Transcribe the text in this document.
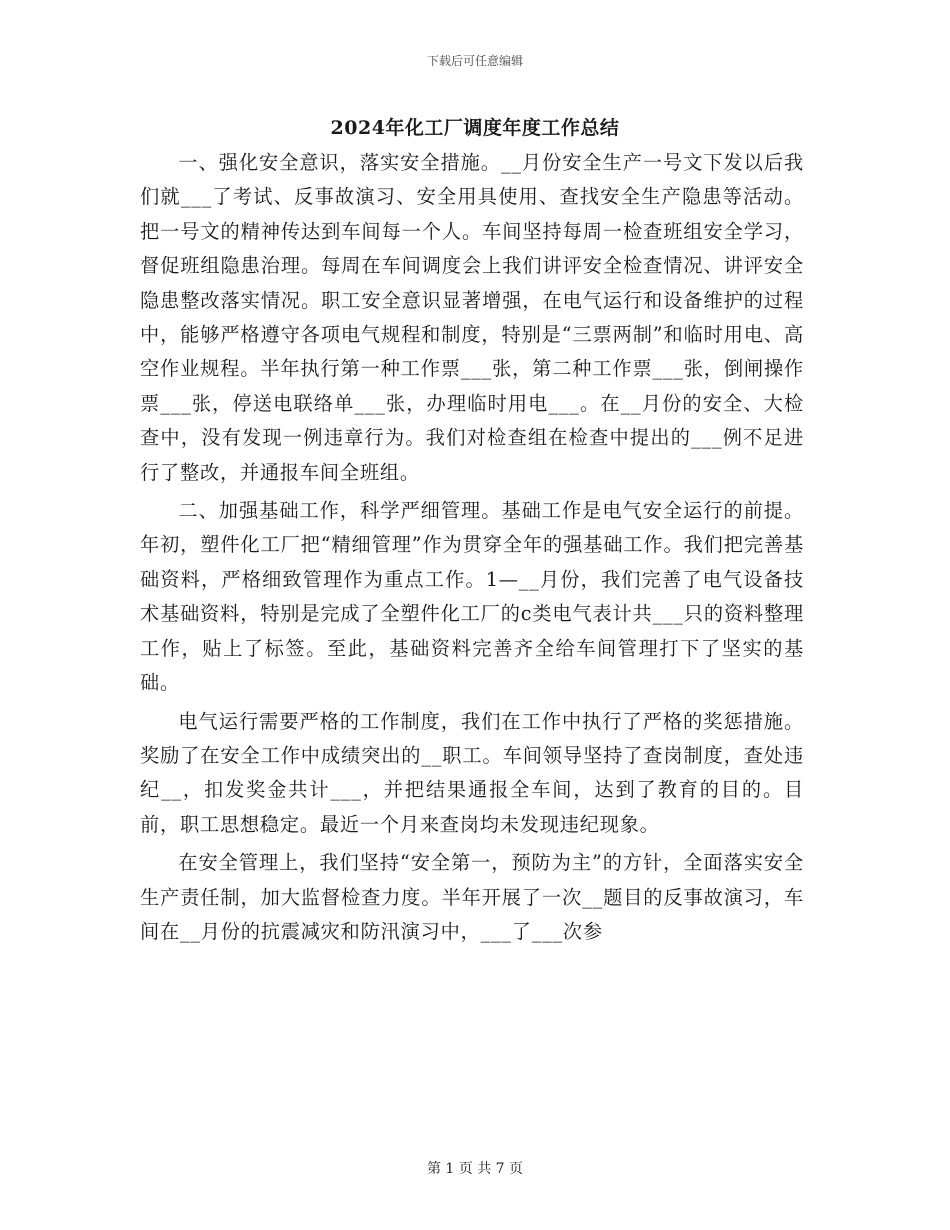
下载后可任意编辑
2024年化工厂调度年度工作总结

一、强化安全意识，落实安全措施。__月份安全生产一号文下发以后我们就___了考试、反事故演习、安全用具使用、查找安全生产隐患等活动。把一号文的精神传达到车间每一个人。车间坚持每周一检查班组安全学习，督促班组隐患治理。每周在车间调度会上我们讲评安全检查情况、讲评安全隐患整改落实情况。职工安全意识显著增强，在电气运行和设备维护的过程中，能够严格遵守各项电气规程和制度，特别是“三票两制”和临时用电、高空作业规程。半年执行第一种工作票___张，第二种工作票___张，倒闸操作票___张，停送电联络单___张，办理临时用电___。在__月份的安全、大检查中，没有发现一例违章行为。我们对检查组在检查中提出的___例不足进行了整改，并通报车间全班组。

二、加强基础工作，科学严细管理。基础工作是电气安全运行的前提。年初，塑件化工厂把“精细管理”作为贯穿全年的强基础工作。我们把完善基础资料，严格细致管理作为重点工作。1—__月份，我们完善了电气设备技术基础资料，特别是完成了全塑件化工厂的c类电气表计共___只的资料整理工作，贴上了标签。至此，基础资料完善齐全给车间管理打下了坚实的基础。

电气运行需要严格的工作制度，我们在工作中执行了严格的奖惩措施。奖励了在安全工作中成绩突出的__职工。车间领导坚持了查岗制度，查处违纪__，扣发奖金共计___，并把结果通报全车间，达到了教育的目的。目前，职工思想稳定。最近一个月来查岗均未发现违纪现象。

在安全管理上，我们坚持“安全第一，预防为主”的方针，全面落实安全生产责任制，加大监督检查力度。半年开展了一次__题目的反事故演习，车间在__月份的抗震减灾和防汛演习中，___了___次参

第 1 页 共 7 页
